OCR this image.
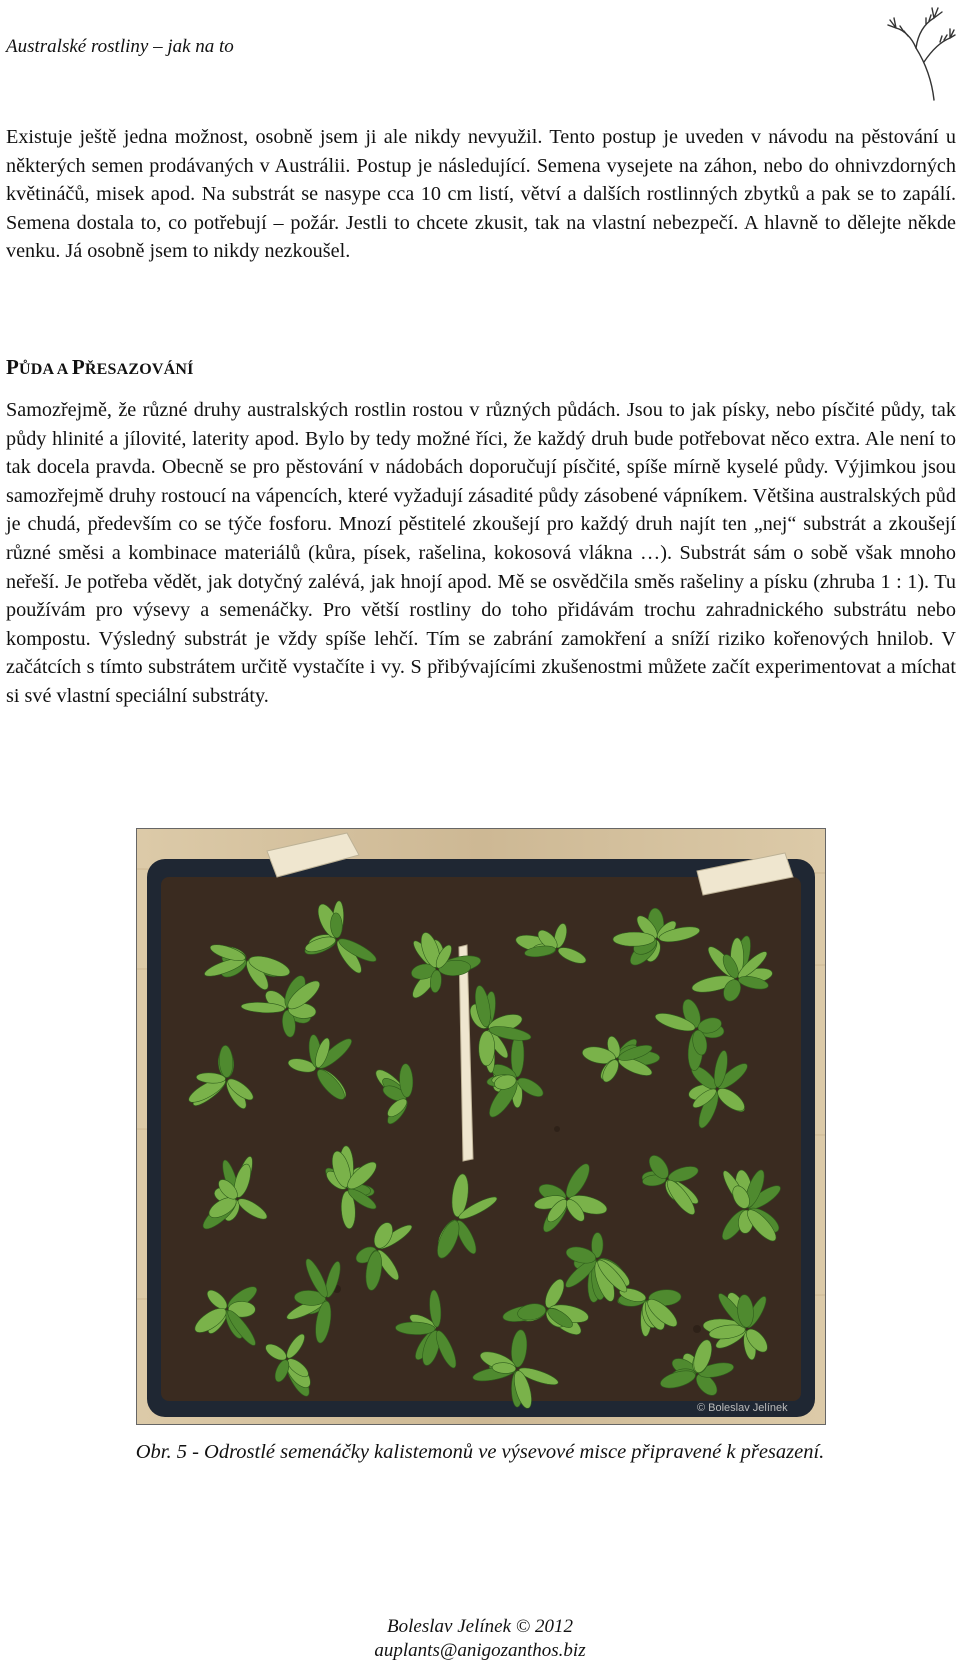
Australské rostliny – jak na to

Existuje ještě jedna možnost, osobně jsem ji ale nikdy nevyužil. Tento postup je uveden v návodu na pěstování u některých semen prodávaných v Austrálii. Postup je následující. Semena vysejete na záhon, nebo do ohnivzdorných květináčů, misek apod. Na substrát se nasype cca 10 cm listí, větví a dalších rostlinných zbytků a pak se to zapálí. Semena dostala to, co potřebují – požár. Jestli to chcete zkusit, tak na vlastní nebezpečí. A hlavně to dělejte někde venku. Já osobně jsem to nikdy nezkoušel.

PŮDA A PŘESAZOVÁNÍ

Samozřejmě, že různé druhy australských rostlin rostou v různých půdách. Jsou to jak písky, nebo písčité půdy, tak půdy hlinité a jílovité, laterity apod. Bylo by tedy možné říci, že každý druh bude potřebovat něco extra. Ale není to tak docela pravda. Obecně se pro pěstování v nádobách doporučují písčité, spíše mírně kyselé půdy. Výjimkou jsou samozřejmě druhy rostoucí na vápencích, které vyžadují zásadité půdy zásobené vápníkem. Většina australských půd je chudá, především co se týče fosforu. Mnozí pěstitelé zkoušejí pro každý druh najít ten „nej“ substrát a zkoušejí různé směsi a kombinace materiálů (kůra, písek, rašelina, kokosová vlákna …). Substrát sám o sobě však mnoho neřeší. Je potřeba vědět, jak dotyčný zalévá, jak hnojí apod. Mě se osvědčila směs rašeliny a písku (zhruba 1 : 1). Tu používám pro výsevy a semenáčky. Pro větší rostliny do toho přidávám trochu zahradnického substrátu nebo kompostu. Výsledný substrát je vždy spíše lehčí. Tím se zabrání zamokření a sníží riziko kořenových hnilob. V začátcích s tímto substrátem určitě vystačíte i vy. S přibývajícími zkušenostmi můžete začít experimentovat a míchat si své vlastní speciální substráty.

© Boleslav Jelínek
Obr. 5 - Odrostlé semenáčky kalistemonů ve výsevové misce připravené k přesazení.
Boleslav Jelínek © 2012
auplants@anigozanthos.biz
